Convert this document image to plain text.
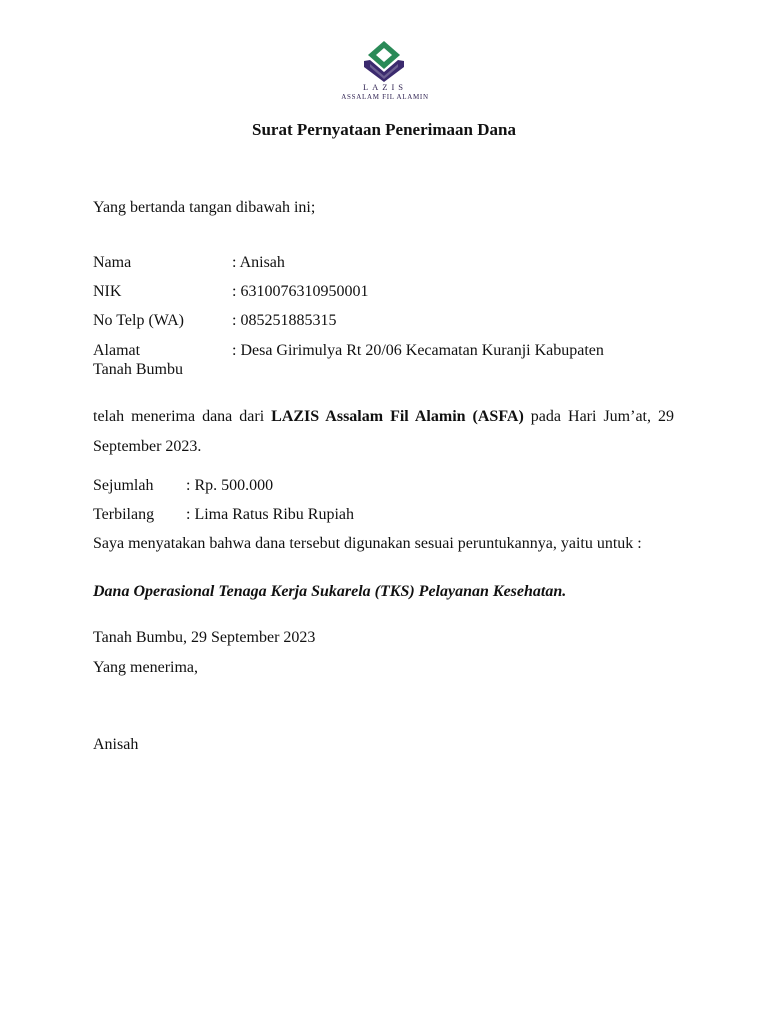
LAZIS
ASSALAM FIL ALAMIN
Surat Pernyataan Penerimaan Dana
Yang bertanda tangan dibawah ini;
Nama	: Anisah
NIK	: 6310076310950001
No Telp (WA)	: 085251885315
Alamat	: Desa Girimulya Rt 20/06 Kecamatan Kuranji Kabupaten
Tanah Bumbu
telah menerima dana dari LAZIS Assalam Fil Alamin (ASFA) pada Hari Jum’at, 29 September 2023.
Sejumlah : Rp. 500.000
Terbilang : Lima Ratus Ribu Rupiah
Saya menyatakan bahwa dana tersebut digunakan sesuai peruntukannya, yaitu untuk :
Dana Operasional Tenaga Kerja Sukarela (TKS) Pelayanan Kesehatan.
Tanah Bumbu, 29 September 2023
Yang menerima,
Anisah
